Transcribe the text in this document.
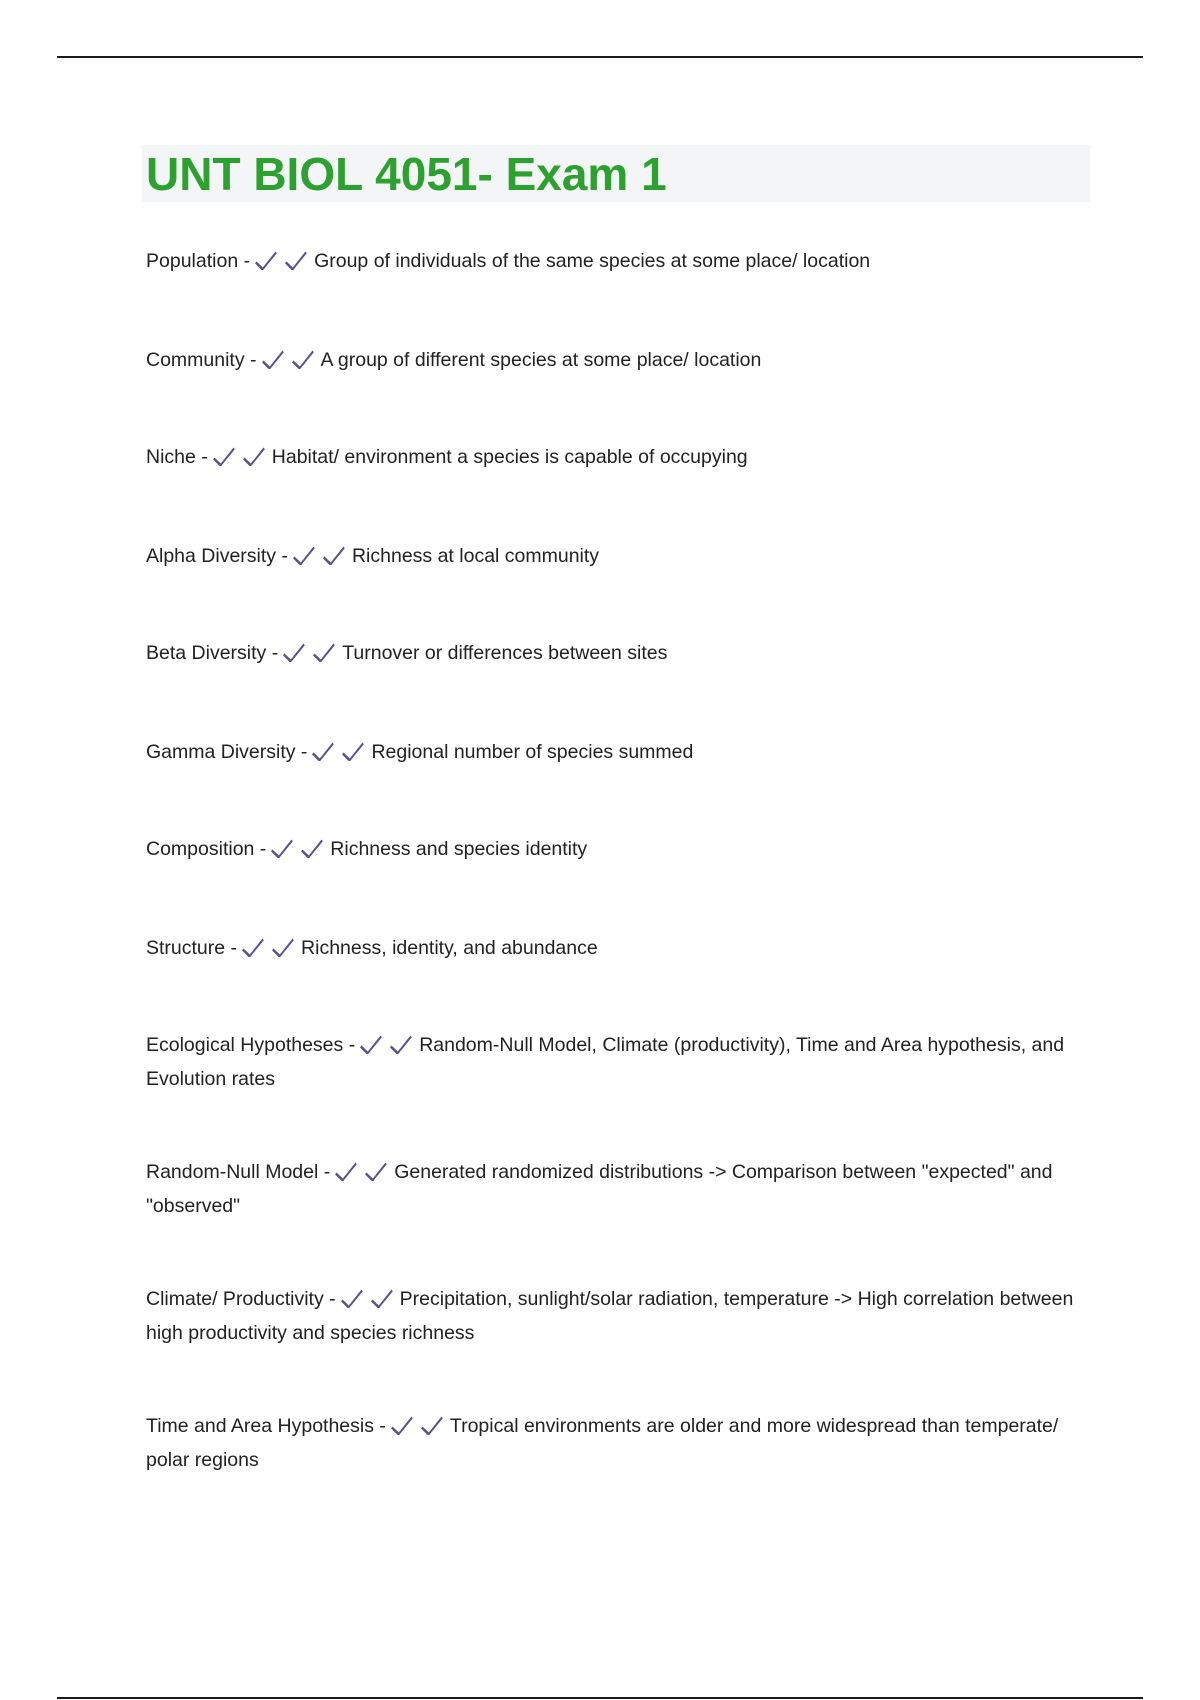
UNT BIOL 4051- Exam 1
Population -	Group of individuals of the same species at some place/ location
Community -	A group of different species at some place/ location
Niche -	Habitat/ environment a species is capable of occupying
Alpha Diversity -	Richness at local community
Beta Diversity -	Turnover or differences between sites
Gamma Diversity -	Regional number of species summed
Composition -	Richness and species identity
Structure -	Richness, identity, and abundance
Ecological Hypotheses -	Random-Null Model, Climate (productivity), Time and Area hypothesis, and Evolution rates
Random-Null Model -	Generated randomized distributions -> Comparison between "expected" and "observed"
Climate/ Productivity -	Precipitation, sunlight/solar radiation, temperature -> High correlation between high productivity and species richness
Time and Area Hypothesis -	Tropical environments are older and more widespread than temperate/ polar regions
